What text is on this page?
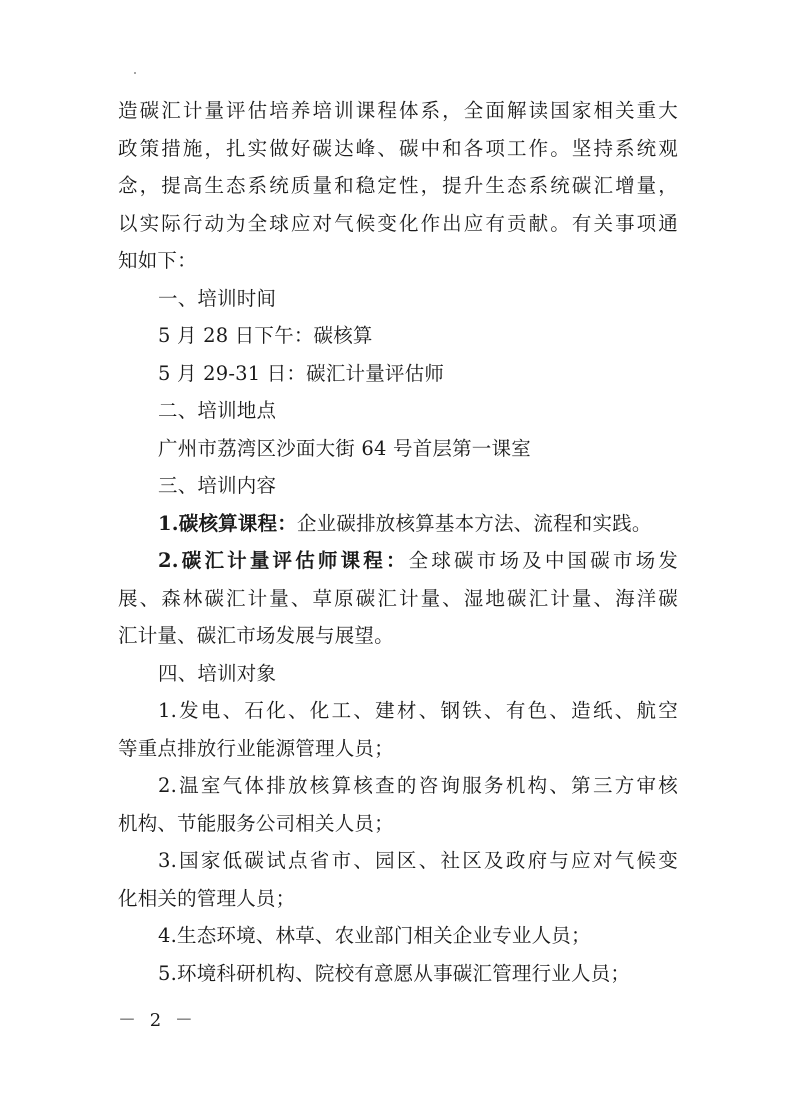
造碳汇计量评估培养培训课程体系，全面解读国家相关重大
政策措施，扎实做好碳达峰、碳中和各项工作。坚持系统观
念，提高生态系统质量和稳定性，提升生态系统碳汇增量，
以实际行动为全球应对气候变化作出应有贡献。有关事项通
知如下：
一、培训时间
5 月 28 日下午：碳核算
5 月 29-31 日：碳汇计量评估师
二、培训地点
广州市荔湾区沙面大街 64 号首层第一课室
三、培训内容
1.碳核算课程：企业碳排放核算基本方法、流程和实践。
2.碳汇计量评估师课程：全球碳市场及中国碳市场发
展、森林碳汇计量、草原碳汇计量、湿地碳汇计量、海洋碳
汇计量、碳汇市场发展与展望。
四、培训对象
1.发电、石化、化工、建材、钢铁、有色、造纸、航空
等重点排放行业能源管理人员；
2.温室气体排放核算核查的咨询服务机构、第三方审核
机构、节能服务公司相关人员；
3.国家低碳试点省市、园区、社区及政府与应对气候变
化相关的管理人员；
4.生态环境、林草、农业部门相关企业专业人员；
5.环境科研机构、院校有意愿从事碳汇管理行业人员；
－ 2 －
